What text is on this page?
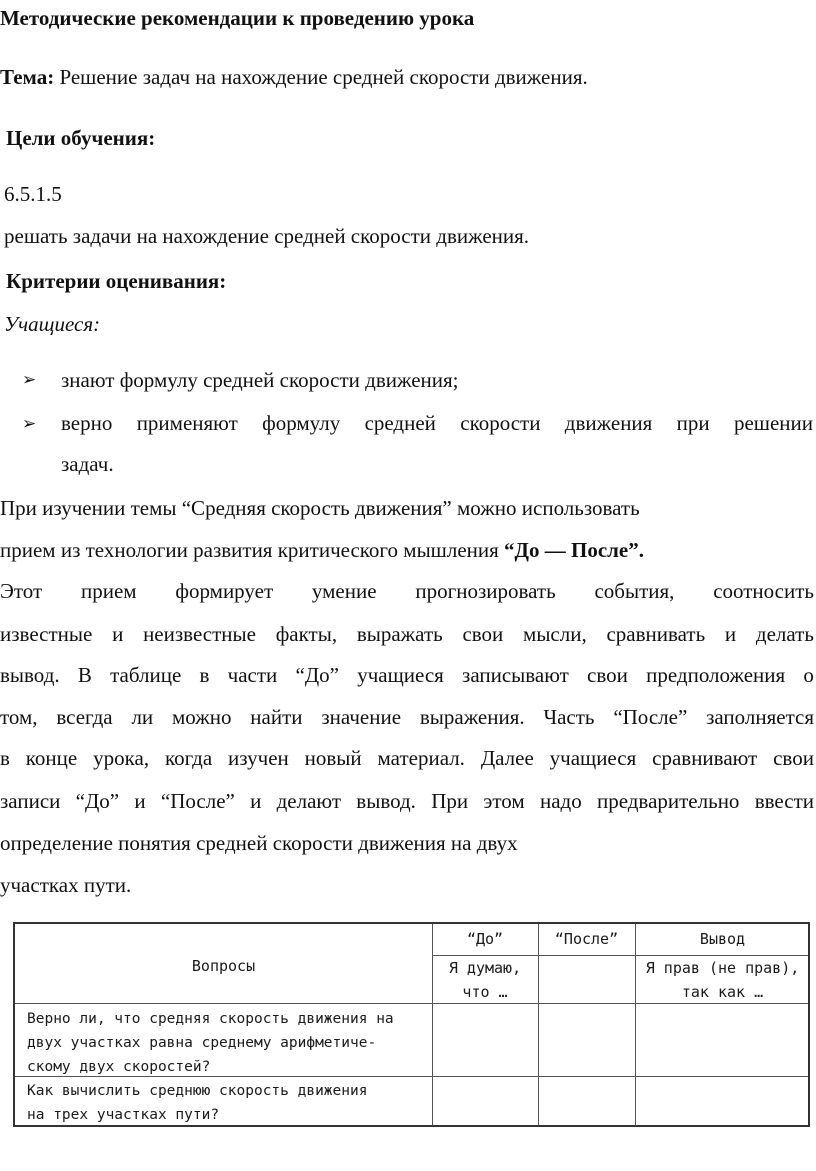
Методические рекомендации к проведению урока
Тема: Решение задач на нахождение средней скорости движения.
Цели обучения:
6.5.1.5
решать задачи на нахождение средней скорости движения.
Критерии оценивания:
Учащиеся:
➢ знают формулу средней скорости движения;
➢ верно применяют формулу средней скорости движения при решении
задач.
При изучении темы “Средняя скорость движения” можно использовать
прием из технологии развития критического мышления “До — После”.
Этот прием формирует умение прогнозировать события, соотносить
известные и неизвестные факты, выражать свои мысли, сравнивать и делать
вывод. В таблице в части “До” учащиеся записывают свои предположения о
том, всегда ли можно найти значение выражения. Часть “После” заполняется
в конце урока, когда изучен новый материал. Далее учащиеся сравнивают свои
записи “До” и “После” и делают вывод. При этом надо предварительно ввести
определение понятия средней скорости движения на двух
участках пути.
Вопросы
“До”	“После”	Вывод
Я думаю,
что …
Я прав (не прав),
так как …
Верно ли, что средняя скорость движения на
двух участках равна среднему арифметиче-
скому двух скоростей?
Как вычислить среднюю скорость движения
на трех участках пути?
